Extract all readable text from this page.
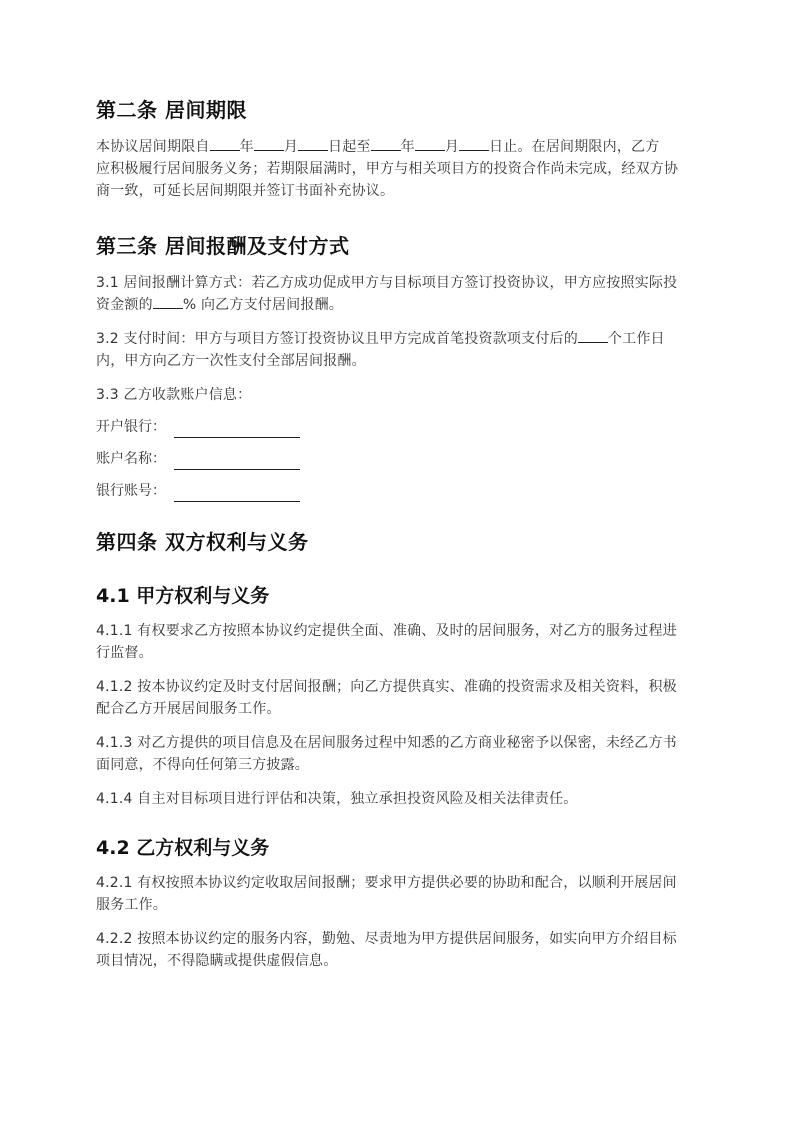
第二条 居间期限

本协议居间期限自 年 月 日起至 年 月 日止。在居间期限内，乙方
应积极履行居间服务义务；若期限届满时，甲方与相关项目方的投资合作尚未完成，经双方协
商一致，可延长居间期限并签订书面补充协议。

第三条 居间报酬及支付方式

3.1 居间报酬计算方式：若乙方成功促成甲方与目标项目方签订投资协议，甲方应按照实际投
资金额的 % 向乙方支付居间报酬。

3.2 支付时间：甲方与项目方签订投资协议且甲方完成首笔投资款项支付后的 个工作日
内，甲方向乙方一次性支付全部居间报酬。

3.3 乙方收款账户信息：

开户银行：
账户名称：
银行账号：
第四条 双方权利与义务
4.1 甲方权利与义务

4.1.1 有权要求乙方按照本协议约定提供全面、准确、及时的居间服务，对乙方的服务过程进
行监督。

4.1.2 按本协议约定及时支付居间报酬；向乙方提供真实、准确的投资需求及相关资料，积极
配合乙方开展居间服务工作。

4.1.3 对乙方提供的项目信息及在居间服务过程中知悉的乙方商业秘密予以保密，未经乙方书
面同意，不得向任何第三方披露。

4.1.4 自主对目标项目进行评估和决策，独立承担投资风险及相关法律责任。

4.2 乙方权利与义务

4.2.1 有权按照本协议约定收取居间报酬；要求甲方提供必要的协助和配合，以顺利开展居间
服务工作。

4.2.2 按照本协议约定的服务内容，勤勉、尽责地为甲方提供居间服务，如实向甲方介绍目标
项目情况，不得隐瞒或提供虚假信息。
